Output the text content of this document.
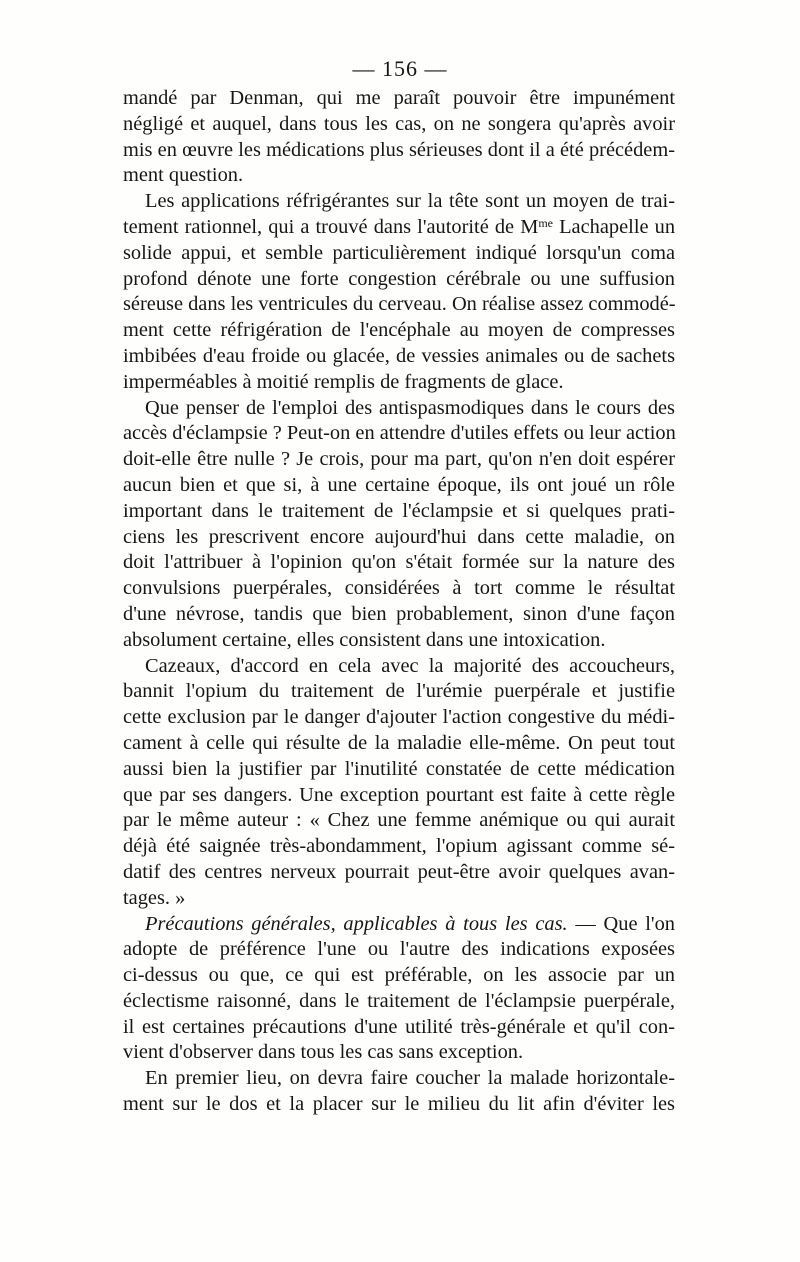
— 156 —
mandé par Denman, qui me paraît pouvoir être impunément
négligé et auquel, dans tous les cas, on ne songera qu'après avoir
mis en œuvre les médications plus sérieuses dont il a été précédem-
ment question.
Les applications réfrigérantes sur la tête sont un moyen de trai-
tement rationnel, qui a trouvé dans l'autorité de $M^{me}$ Lachapelle un
solide appui, et semble particulièrement indiqué lorsqu'un coma
profond dénote une forte congestion cérébrale ou une suffusion
séreuse dans les ventricules du cerveau. On réalise assez commodé-
ment cette réfrigération de l'encéphale au moyen de compresses
imbibées d'eau froide ou glacée, de vessies animales ou de sachets
imperméables à moitié remplis de fragments de glace.
Que penser de l'emploi des antispasmodiques dans le cours des
accès d'éclampsie ? Peut-on en attendre d'utiles effets ou leur action
doit-elle être nulle ? Je crois, pour ma part, qu'on n'en doit espérer
aucun bien et que si, à une certaine époque, ils ont joué un rôle
important dans le traitement de l'éclampsie et si quelques prati-
ciens les prescrivent encore aujourd'hui dans cette maladie, on
doit l'attribuer à l'opinion qu'on s'était formée sur la nature des
convulsions puerpérales, considérées à tort comme le résultat
d'une névrose, tandis que bien probablement, sinon d'une façon
absolument certaine, elles consistent dans une intoxication.
Cazeaux, d'accord en cela avec la majorité des accoucheurs,
bannit l'opium du traitement de l'urémie puerpérale et justifie
cette exclusion par le danger d'ajouter l'action congestive du médi-
cament à celle qui résulte de la maladie elle-même. On peut tout
aussi bien la justifier par l'inutilité constatée de cette médication
que par ses dangers. Une exception pourtant est faite à cette règle
par le même auteur : « Chez une femme anémique ou qui aurait
déjà été saignée très-abondamment, l'opium agissant comme sé-
datif des centres nerveux pourrait peut-être avoir quelques avan-
tages. »
Précautions générales, applicables à tous les cas. — Que l'on
adopte de préférence l'une ou l'autre des indications exposées
ci-dessus ou que, ce qui est préférable, on les associe par un
éclectisme raisonné, dans le traitement de l'éclampsie puerpérale,
il est certaines précautions d'une utilité très-générale et qu'il con-
vient d'observer dans tous les cas sans exception.
En premier lieu, on devra faire coucher la malade horizontale-
ment sur le dos et la placer sur le milieu du lit afin d'éviter les
